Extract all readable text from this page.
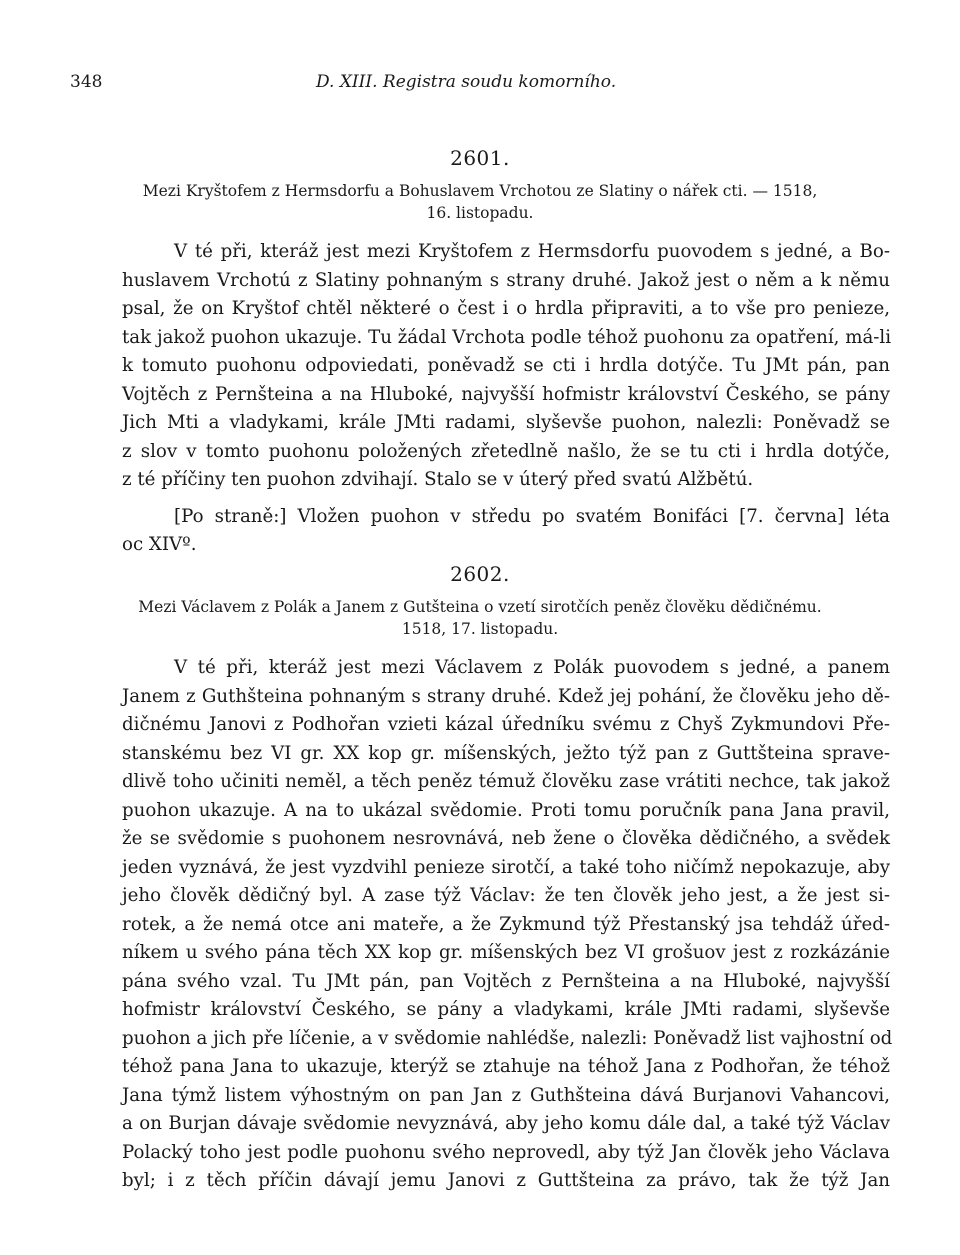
348	D. XIII. Registra soudu komorního.
2601.
Mezi Kryštofem z Hermsdorfu a Bohuslavem Vrchotou ze Slatiny o nářek cti. — 1518,
16. listopadu.
V té při, kteráž jest mezi Kryštofem z Hermsdorfu puovodem s jedné, a Bo-
huslavem Vrchotú z Slatiny pohnaným s strany druhé. Jakož jest o něm a k němu
psal, že on Kryštof chtěl některé o čest i o hrdla připraviti, a to vše pro penieze,
tak jakož puohon ukazuje. Tu žádal Vrchota podle téhož puohonu za opatření, má-li
k tomuto puohonu odpoviedati, poněvadž se cti i hrdla dotýče. Tu JMt pán, pan
Vojtěch z Pernšteina a na Hluboké, najvyšší hofmistr království Českého, se pány
Jich Mti a vladykami, krále JMti radami, slyševše puohon, nalezli: Poněvadž se
z slov v tomto puohonu položených zřetedlně našlo, že se tu cti i hrdla dotýče,
z té příčiny ten puohon zdvihají. Stalo se v úterý před svatú Alžbětú.
[Po straně:] Vložen puohon v středu po svatém Bonifáci [7. června] léta
oc XIVº.
2602.
Mezi Václavem z Polák a Janem z Gutšteina o vzetí sirotčích peněz člověku dědičnému.
1518, 17. listopadu.
V té při, kteráž jest mezi Václavem z Polák puovodem s jedné, a panem
Janem z Guthšteina pohnaným s strany druhé. Kdež jej pohání, že člověku jeho dě-
dičnému Janovi z Podhořan vzieti kázal úředníku svému z Chyš Zykmundovi Pře-
stanskému bez VI gr. XX kop gr. míšenských, ježto týž pan z Guttšteina sprave-
dlivě toho učiniti neměl, a těch peněz témuž člověku zase vrátiti nechce, tak jakož
puohon ukazuje. A na to ukázal svědomie. Proti tomu poručník pana Jana pravil,
že se svědomie s puohonem nesrovnává, neb žene o člověka dědičného, a svědek
jeden vyznává, že jest vyzdvihl penieze sirotčí, a také toho ničímž nepokazuje, aby
jeho člověk dědičný byl. A zase týž Václav: že ten člověk jeho jest, a že jest si-
rotek, a že nemá otce ani mateře, a že Zykmund týž Přestanský jsa tehdáž úřed-
níkem u svého pána těch XX kop gr. míšenských bez VI grošuov jest z rozkázánie
pána svého vzal. Tu JMt pán, pan Vojtěch z Pernšteina a na Hlubоké, najvyšší
hofmistr království Českého, se pány a vladykami, krále JMti radami, slyševše
puohon a jich pře líčenie, a v svědomie nahlédše, nalezli: Poněvadž list vajhostní od
téhož pana Jana to ukazuje, kterýž se ztahuje na téhož Jana z Podhořan, že téhož
Jana týmž listem výhostným on pan Jan z Guthšteina dává Burjanovi Vahancovi,
a on Burjan dávaje svědomie nevyznává, aby jeho komu dále dal, a také týž Václav
Polacký toho jest podle puohonu svého neprovedl, aby týž Jan člověk jeho Václava
byl; i z těch příčin dávají jemu Janovi z Guttšteina za právo, tak že týž Jan
